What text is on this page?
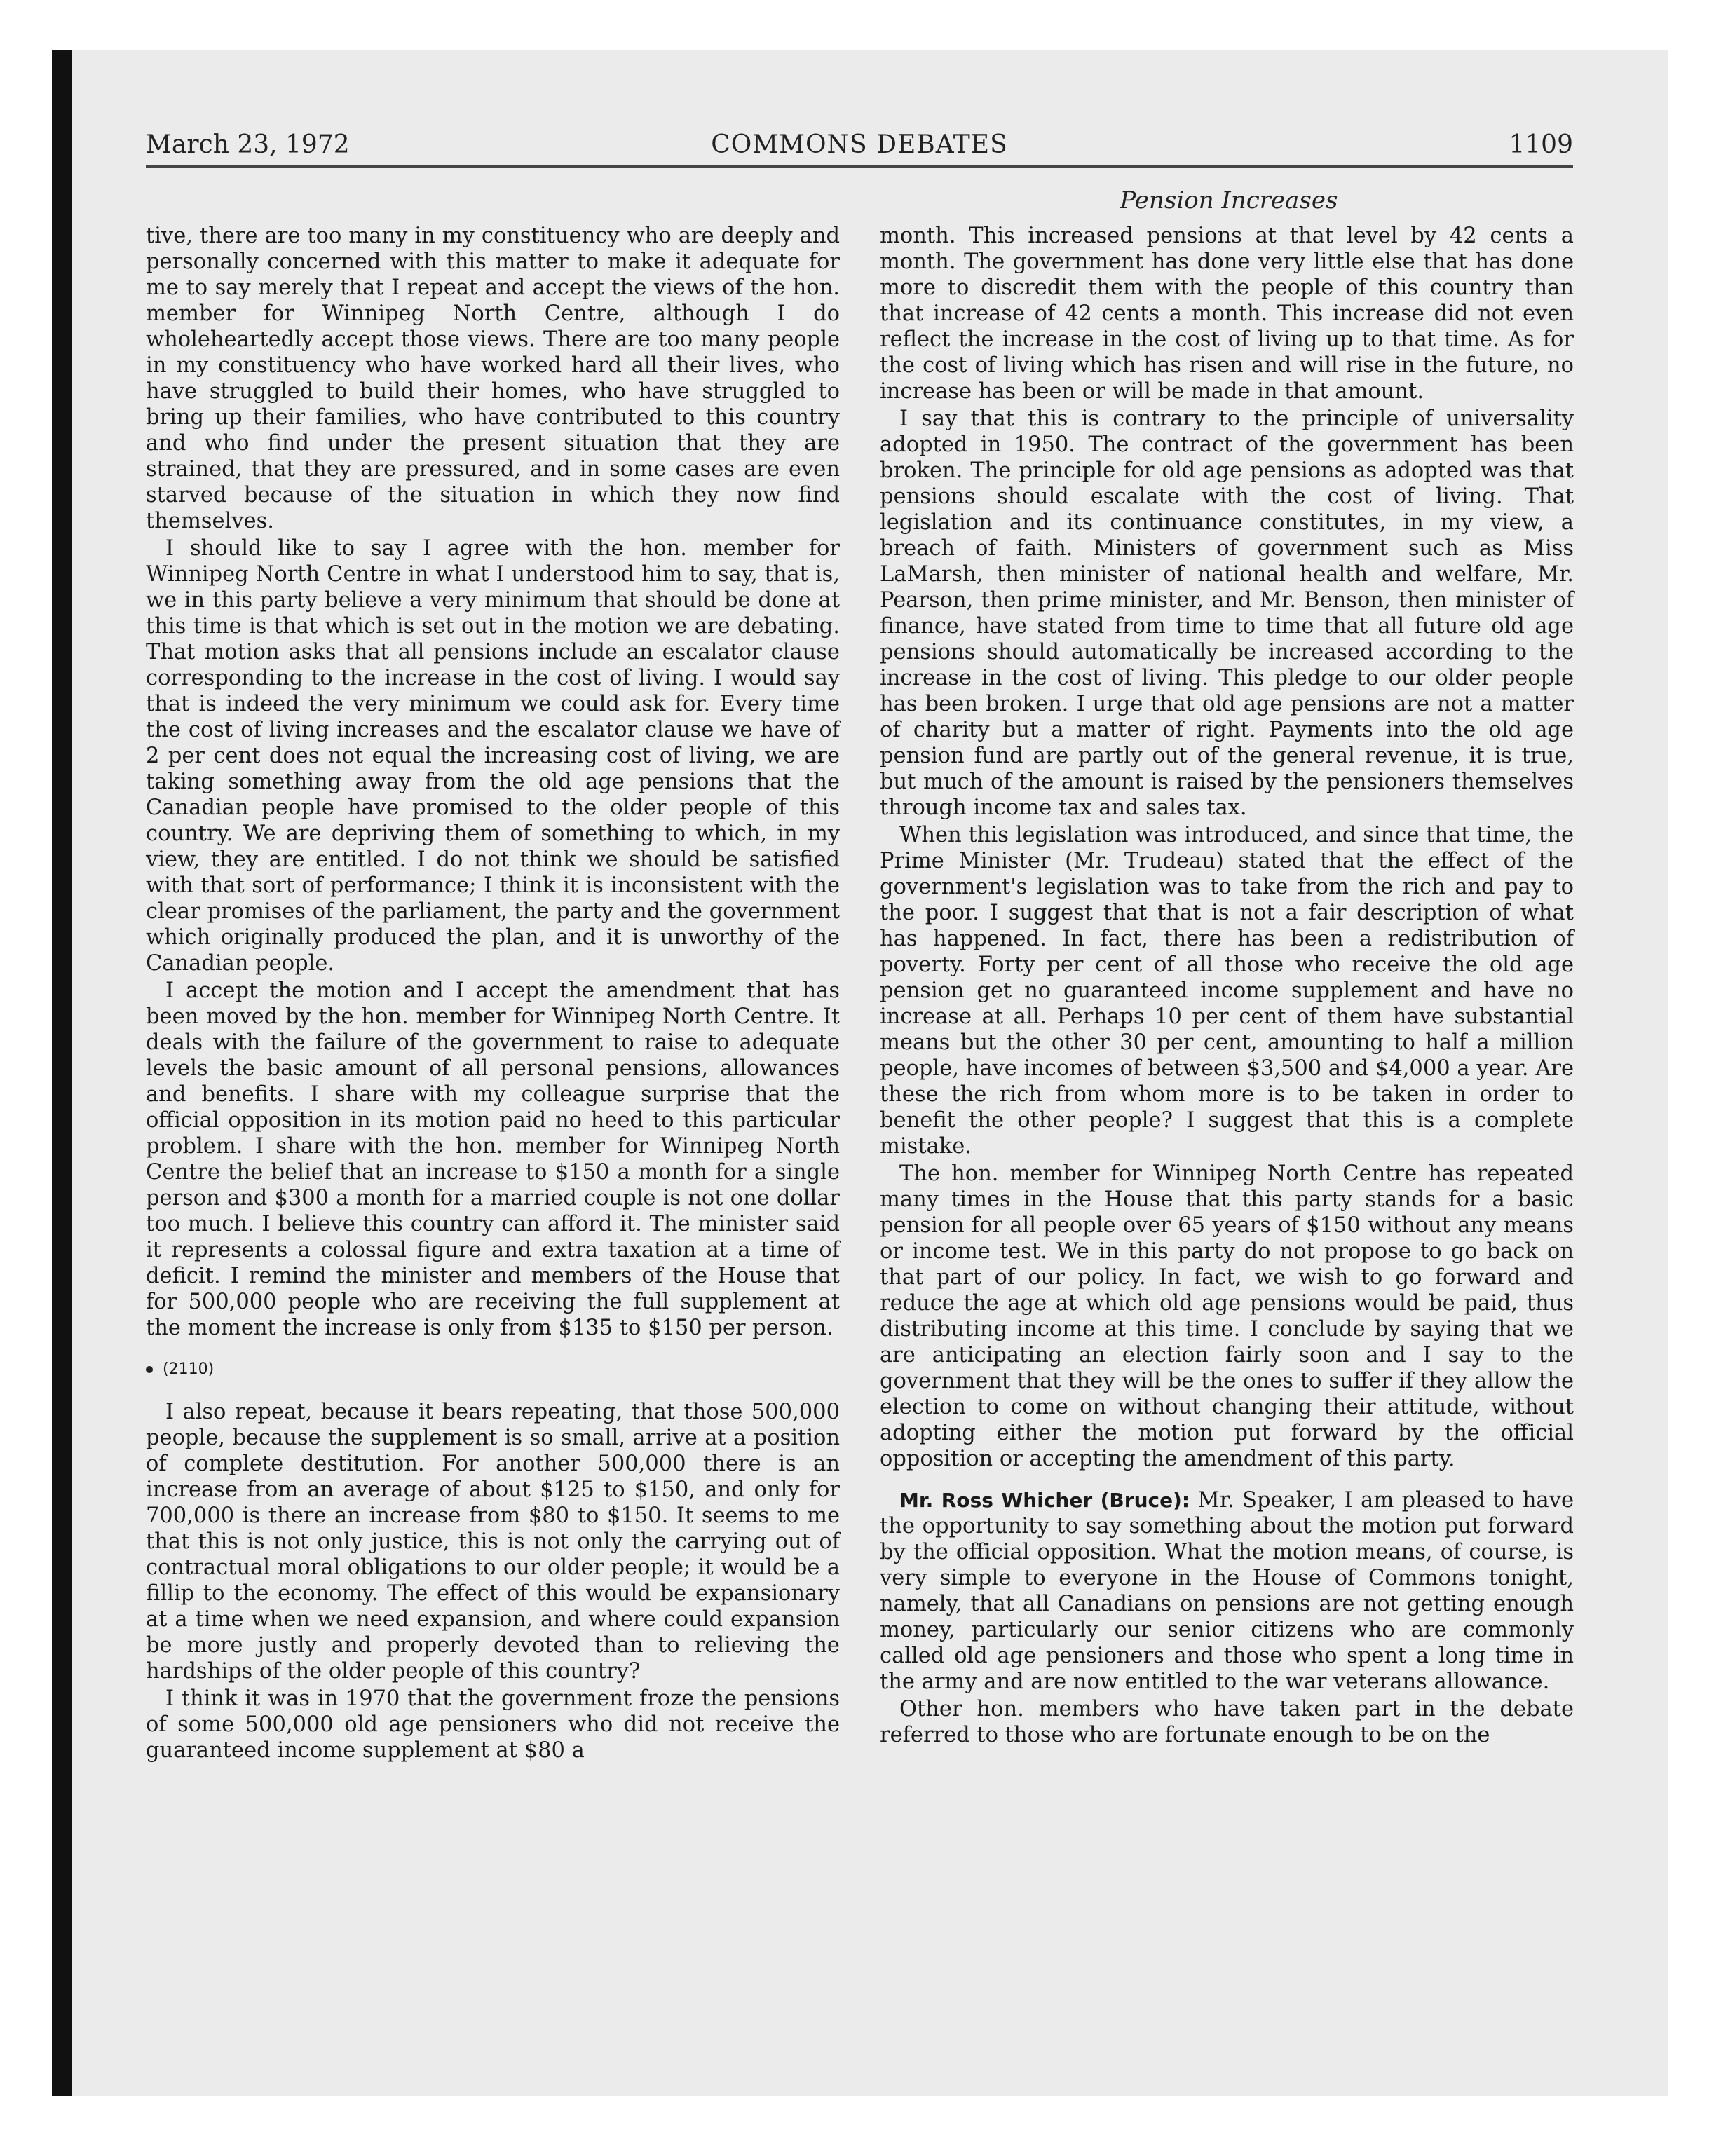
March 23, 1972	COMMONS DEBATES	1109
Pension Increases

tive, there are too many in my constituency who are deeply and personally concerned with this matter to make it adequate for me to say merely that I repeat and accept the views of the hon. member for Winnipeg North Centre, although I do wholeheartedly accept those views. There are too many people in my constituency who have worked hard all their lives, who have struggled to build their homes, who have struggled to bring up their families, who have contributed to this country and who find under the present situation that they are strained, that they are pressured, and in some cases are even starved because of the situation in which they now find themselves.

I should like to say I agree with the hon. member for Winnipeg North Centre in what I understood him to say, that is, we in this party believe a very minimum that should be done at this time is that which is set out in the motion we are debating. That motion asks that all pensions include an escalator clause corresponding to the increase in the cost of living. I would say that is indeed the very minimum we could ask for. Every time the cost of living increases and the escalator clause we have of 2 per cent does not equal the increasing cost of living, we are taking something away from the old age pensions that the Canadian people have promised to the older people of this country. We are depriving them of something to which, in my view, they are entitled. I do not think we should be satisfied with that sort of performance; I think it is inconsistent with the clear promises of the parliament, the party and the government which originally produced the plan, and it is unworthy of the Canadian people.

I accept the motion and I accept the amendment that has been moved by the hon. member for Winnipeg North Centre. It deals with the failure of the government to raise to adequate levels the basic amount of all personal pensions, allowances and benefits. I share with my colleague surprise that the official opposition in its motion paid no heed to this particular problem. I share with the hon. member for Winnipeg North Centre the belief that an increase to $150 a month for a single person and $300 a month for a married couple is not one dollar too much. I believe this country can afford it. The minister said it represents a colossal figure and extra taxation at a time of deficit. I remind the minister and members of the House that for 500,000 people who are receiving the full supplement at the moment the increase is only from $135 to $150 per person.

(2110)

I also repeat, because it bears repeating, that those 500,000 people, because the supplement is so small, arrive at a position of complete destitution. For another 500,000 there is an increase from an average of about $125 to $150, and only for 700,000 is there an increase from $80 to $150. It seems to me that this is not only justice, this is not only the carrying out of contractual moral obligations to our older people; it would be a fillip to the economy. The effect of this would be expansionary at a time when we need expansion, and where could expansion be more justly and properly devoted than to relieving the hardships of the older people of this country?

I think it was in 1970 that the government froze the pensions of some 500,000 old age pensioners who did not receive the guaranteed income supplement at $80 a

month. This increased pensions at that level by 42 cents a month. The government has done very little else that has done more to discredit them with the people of this country than that increase of 42 cents a month. This increase did not even reflect the increase in the cost of living up to that time. As for the cost of living which has risen and will rise in the future, no increase has been or will be made in that amount.

I say that this is contrary to the principle of universality adopted in 1950. The contract of the government has been broken. The principle for old age pensions as adopted was that pensions should escalate with the cost of living. That legislation and its continuance constitutes, in my view, a breach of faith. Ministers of government such as Miss LaMarsh, then minister of national health and welfare, Mr. Pearson, then prime minister, and Mr. Benson, then minister of finance, have stated from time to time that all future old age pensions should automatically be increased according to the increase in the cost of living. This pledge to our older people has been broken. I urge that old age pensions are not a matter of charity but a matter of right. Payments into the old age pension fund are partly out of the general revenue, it is true, but much of the amount is raised by the pensioners themselves through income tax and sales tax.

When this legislation was introduced, and since that time, the Prime Minister (Mr. Trudeau) stated that the effect of the government's legislation was to take from the rich and pay to the poor. I suggest that that is not a fair description of what has happened. In fact, there has been a redistribution of poverty. Forty per cent of all those who receive the old age pension get no guaranteed income supplement and have no increase at all. Perhaps 10 per cent of them have substantial means but the other 30 per cent, amounting to half a million people, have incomes of between $3,500 and $4,000 a year. Are these the rich from whom more is to be taken in order to benefit the other people? I suggest that this is a complete mistake.

The hon. member for Winnipeg North Centre has repeated many times in the House that this party stands for a basic pension for all people over 65 years of $150 without any means or income test. We in this party do not propose to go back on that part of our policy. In fact, we wish to go forward and reduce the age at which old age pensions would be paid, thus distributing income at this time. I conclude by saying that we are anticipating an election fairly soon and I say to the government that they will be the ones to suffer if they allow the election to come on without changing their attitude, without adopting either the motion put forward by the official opposition or accepting the amendment of this party.

Mr. Ross Whicher (Bruce): Mr. Speaker, I am pleased to have the opportunity to say something about the motion put forward by the official opposition. What the motion means, of course, is very simple to everyone in the House of Commons tonight, namely, that all Canadians on pensions are not getting enough money, particularly our senior citizens who are commonly called old age pensioners and those who spent a long time in the army and are now entitled to the war veterans allowance.

Other hon. members who have taken part in the debate referred to those who are fortunate enough to be on the
